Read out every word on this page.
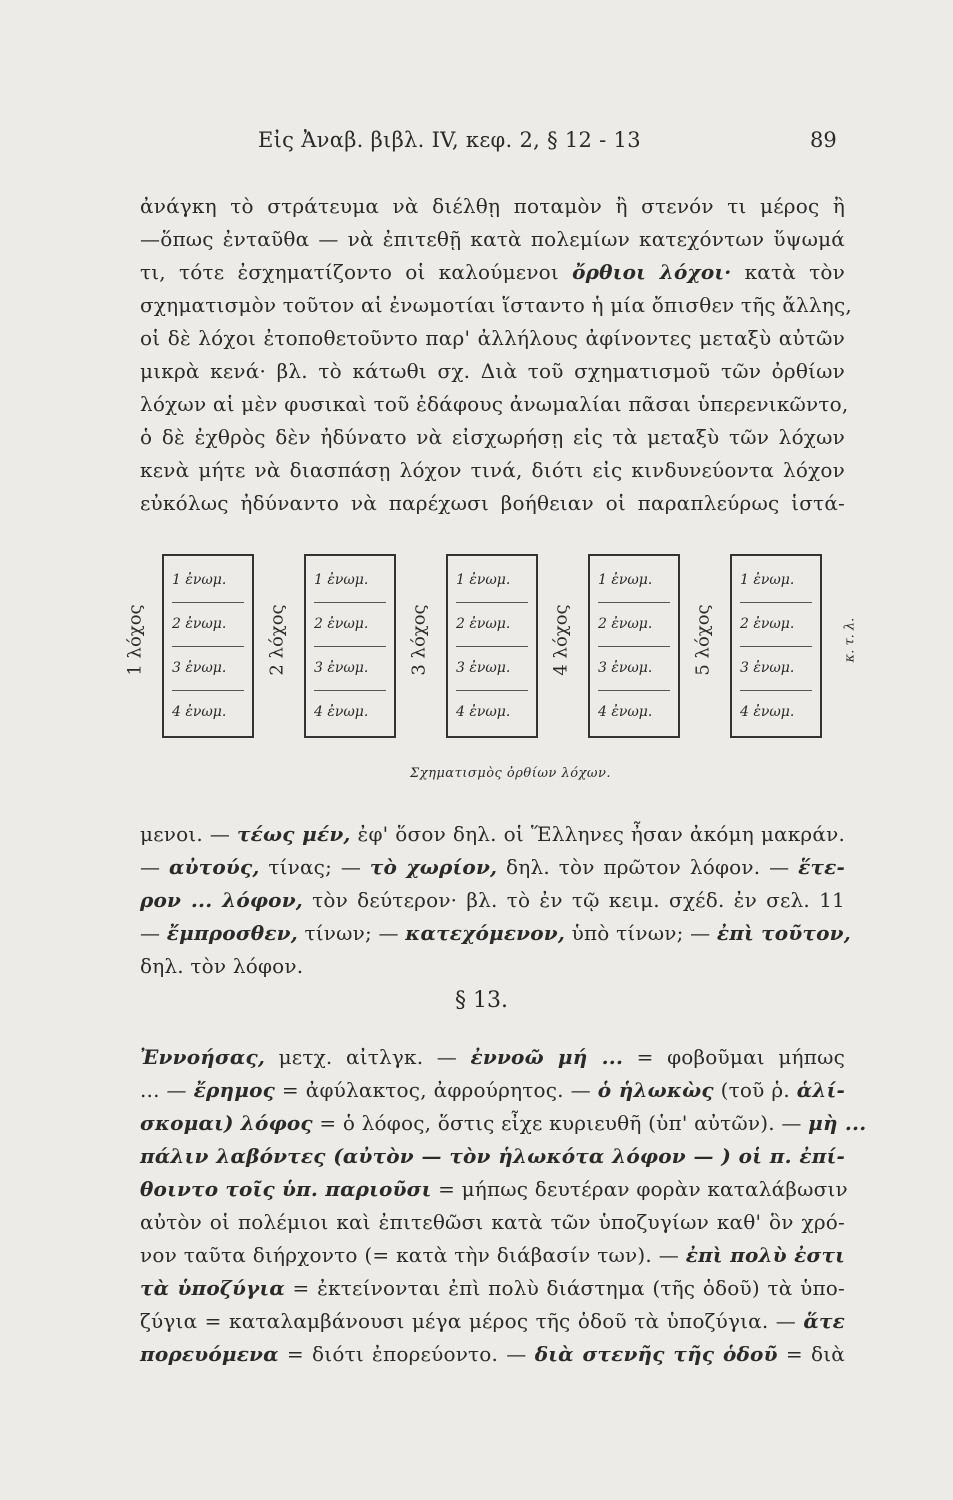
Εἰς Ἀναβ. βιβλ. IV, κεφ. 2, § 12 - 13	89
ἀνάγκη τὸ στράτευμα νὰ διέλθῃ ποταμὸν ἢ στενόν τι μέρος ἢ
—ὅπως ἐνταῦθα — νὰ ἐπιτεθῇ κατὰ πολεμίων κατεχόντων ὕψωμά
τι, τότε ἐσχηματίζοντο οἱ καλούμενοι ὄρθιοι λόχοι· κατὰ τὸν
σχηματισμὸν τοῦτον αἱ ἐνωμοτίαι ἵσταντο ἡ μία ὄπισθεν τῆς ἄλλης,
οἱ δὲ λόχοι ἐτοποθετοῦντο παρ' ἀλλήλους ἀφίνοντες μεταξὺ αὐτῶν
μικρὰ κενά· βλ. τὸ κάτωθι σχ. Διὰ τοῦ σχηματισμοῦ τῶν ὀρθίων
λόχων αἱ μὲν φυσικαὶ τοῦ ἐδάφους ἀνωμαλίαι πᾶσαι ὑπερενικῶντο,
ὁ δὲ ἐχθρὸς δὲν ἠδύνατο νὰ εἰσχωρήσῃ εἰς τὰ μεταξὺ τῶν λόχων
κενὰ μήτε νὰ διασπάσῃ λόχον τινά, διότι εἰς κινδυνεύοντα λόχον
εὐκόλως ἠδύναντο νὰ παρέχωσι βοήθειαν οἱ παραπλεύρως ἱστά-
1 λόχος
1 ἐνωμ.
2 ἐνωμ.
3 ἐνωμ.
4 ἐνωμ.
2 λόχος
1 ἐνωμ.
2 ἐνωμ.
3 ἐνωμ.
4 ἐνωμ.
3 λόχος
1 ἐνωμ.
2 ἐνωμ.
3 ἐνωμ.
4 ἐνωμ.
4 λόχος
1 ἐνωμ.
2 ἐνωμ.
3 ἐνωμ.
4 ἐνωμ.
5 λόχος
1 ἐνωμ.
2 ἐνωμ.
3 ἐνωμ.
4 ἐνωμ.
κ. τ. λ.
Σχηματισμὸς ὀρθίων λόχων.
μενοι. — τέως μέν, ἐφ' ὅσον δηλ. οἱ Ἕλληνες ἦσαν ἀκόμη μακράν.
— αὐτούς, τίνας; — τὸ χωρίον, δηλ. τὸν πρῶτον λόφον. — ἕτε-
ρον ... λόφον, τὸν δεύτερον· βλ. τὸ ἐν τῷ κειμ. σχέδ. ἐν σελ. 11
— ἔμπροσθεν, τίνων; — κατεχόμενον, ὑπὸ τίνων; — ἐπὶ τοῦτον,
δηλ. τὸν λόφον.
§ 13.
Ἐννοήσας, μετχ. αἰτλγκ. — ἐννοῶ μή ... = φοβοῦμαι μήπως
... — ἔρημος = ἀφύλακτος, ἀφρούρητος. — ὁ ἡλωκὼς (τοῦ ῥ. ἁλί-
σκομαι) λόφος = ὁ λόφος, ὅστις εἶχε κυριευθῆ (ὑπ' αὐτῶν). — μὴ ...
πάλιν λαβόντες (αὐτὸν — τὸν ἡλωκότα λόφον — ) οἱ π. ἐπί-
θοιντο τοῖς ὑπ. παριοῦσι = μήπως δευτέραν φορὰν καταλάβωσιν
αὐτὸν οἱ πολέμιοι καὶ ἐπιτεθῶσι κατὰ τῶν ὑποζυγίων καθ' ὃν χρό-
νον ταῦτα διήρχοντο (= κατὰ τὴν διάβασίν των). — ἐπὶ πολὺ ἐστι
τὰ ὑποζύγια = ἐκτείνονται ἐπὶ πολὺ διάστημα (τῆς ὁδοῦ) τὰ ὑπο-
ζύγια = καταλαμβάνουσι μέγα μέρος τῆς ὁδοῦ τὰ ὑποζύγια. — ἅτε
πορευόμενα = διότι ἐπορεύοντο. — διὰ στενῆς τῆς ὁδοῦ = διὰ
